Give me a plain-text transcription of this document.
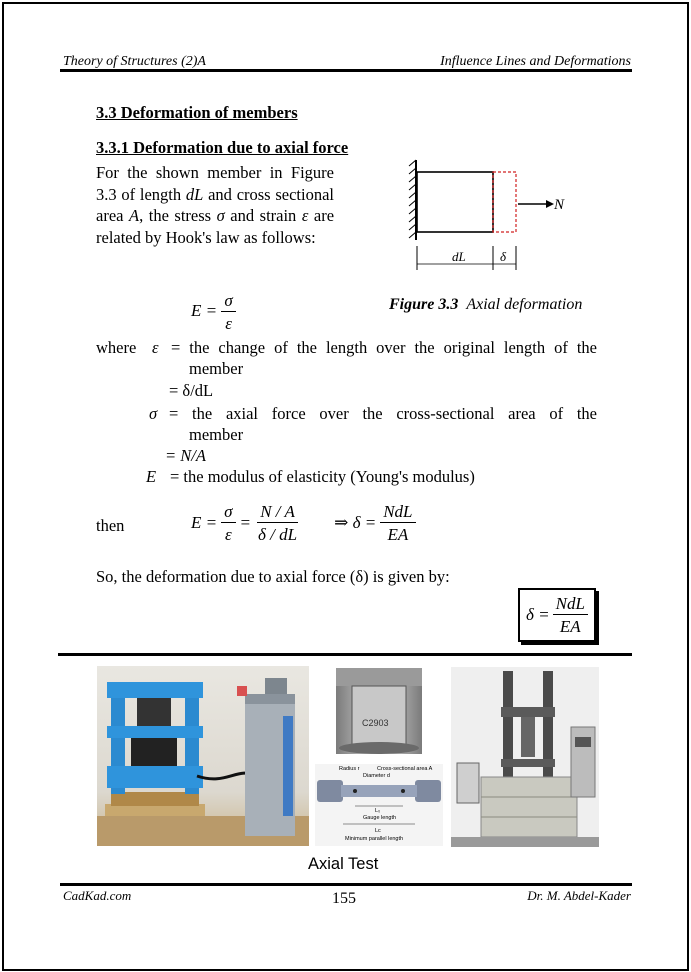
Theory of Structures (2)A	Influence Lines and Deformations
3.3 Deformation of members
3.3.1 Deformation due to axial force
For the shown member in Figure 3.3 of length dL and cross sectional area A, the stress σ and strain ε are related by Hook's law as follows:
N
dL	δ
Figure 3.3 Axial deformation
$E = \frac{\sigma}{\varepsilon}$
where ε = the change of the length over the original length of the
member
= δ/dL
σ = the axial force over the cross-sectional area of the
member
= N/A
E = the modulus of elasticity (Young's modulus)
then	$E = \frac{\sigma}{\varepsilon} = \frac{N / A}{\delta / dL}$ ⇒ $\delta = \frac{\text{NdL}}{EA}$
So, the deformation due to axial force (δ) is given by:
$\delta = \frac{\text{NdL}}{EA}$
C2903
Radius r	Cross-sectional area A
Diameter d
L₀
Gauge length
Lc
Minimum parallel length
Axial Test
CadKad.com	155	Dr. M. Abdel-Kader
